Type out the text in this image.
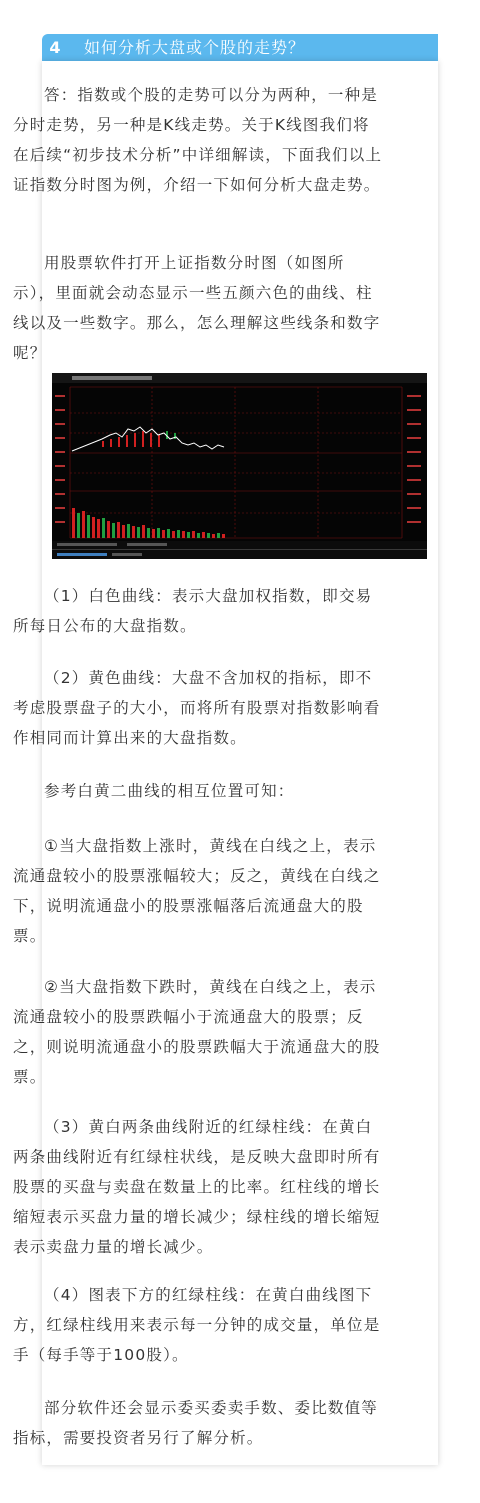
4	如何分析大盘或个股的走势？

答：指数或个股的走势可以分为两种，一种是分时走势，另一种是K线走势。关于K线图我们将在后续“初步技术分析”中详细解读，下面我们以上证指数分时图为例，介绍一下如何分析大盘走势。

用股票软件打开上证指数分时图（如图所示），里面就会动态显示一些五颜六色的曲线、柱线以及一些数字。那么，怎么理解这些线条和数字呢？

（1）白色曲线：表示大盘加权指数，即交易所每日公布的大盘指数。

（2）黄色曲线：大盘不含加权的指标，即不考虑股票盘子的大小，而将所有股票对指数影响看作相同而计算出来的大盘指数。

参考白黄二曲线的相互位置可知：

①当大盘指数上涨时，黄线在白线之上，表示流通盘较小的股票涨幅较大；反之，黄线在白线之下，说明流通盘小的股票涨幅落后流通盘大的股票。

②当大盘指数下跌时，黄线在白线之上，表示流通盘较小的股票跌幅小于流通盘大的股票；反之，则说明流通盘小的股票跌幅大于流通盘大的股票。

（3）黄白两条曲线附近的红绿柱线：在黄白两条曲线附近有红绿柱状线，是反映大盘即时所有股票的买盘与卖盘在数量上的比率。红柱线的增长缩短表示买盘力量的增长减少；绿柱线的增长缩短表示卖盘力量的增长减少。

（4）图表下方的红绿柱线：在黄白曲线图下方，红绿柱线用来表示每一分钟的成交量，单位是手（每手等于100股）。

部分软件还会显示委买委卖手数、委比数值等指标，需要投资者另行了解分析。
